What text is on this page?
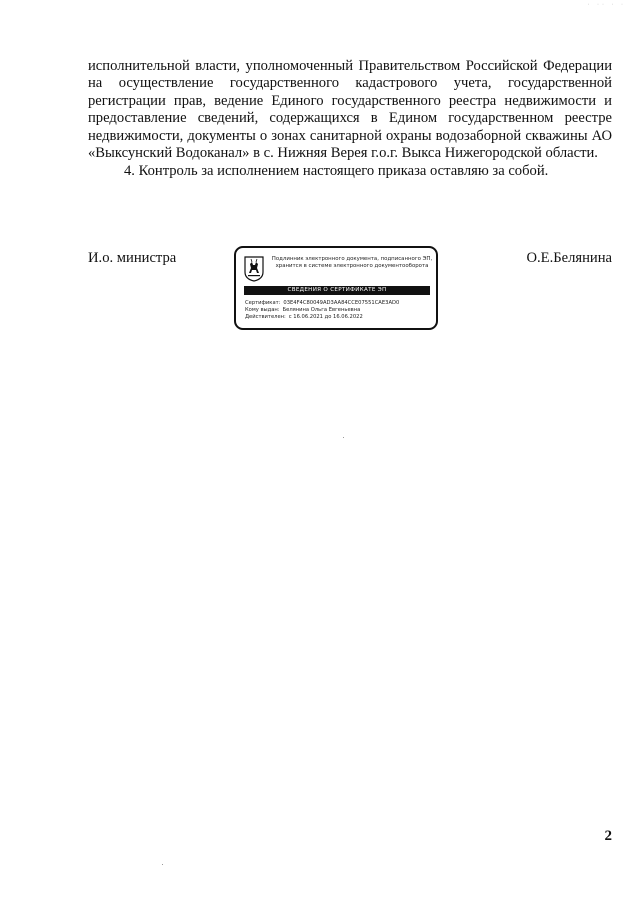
· ·· · ·

исполнительной власти, уполномоченный Правительством Российской Федерации на осуществление государственного кадастрового учета, государственной регистрации прав, ведение Единого государственного реестра недвижимости и предоставление сведений, содержащихся в Едином государственном реестре недвижимости, документы о зонах санитарной охраны водозаборной скважины АО «Выксунский Водоканал» в с. Нижняя Верея г.о.г. Выкса Нижегородской области.

4. Контроль за исполнением настоящего приказа оставляю за собой.

И.о. министра	Подлинник электронного документа, подписанного ЭП,
хранится в системе электронного документооборота
СВЕДЕНИЯ О СЕРТИФИКАТЕ ЭП
Сертификат: 03E4F4C80049AD3AA84CCE07551CAE3AD0
Кому выдан: Белянина Ольга Евгеньевна
Действителен: с 16.06.2021 до 16.06.2022
О.Е.Белянина
2
